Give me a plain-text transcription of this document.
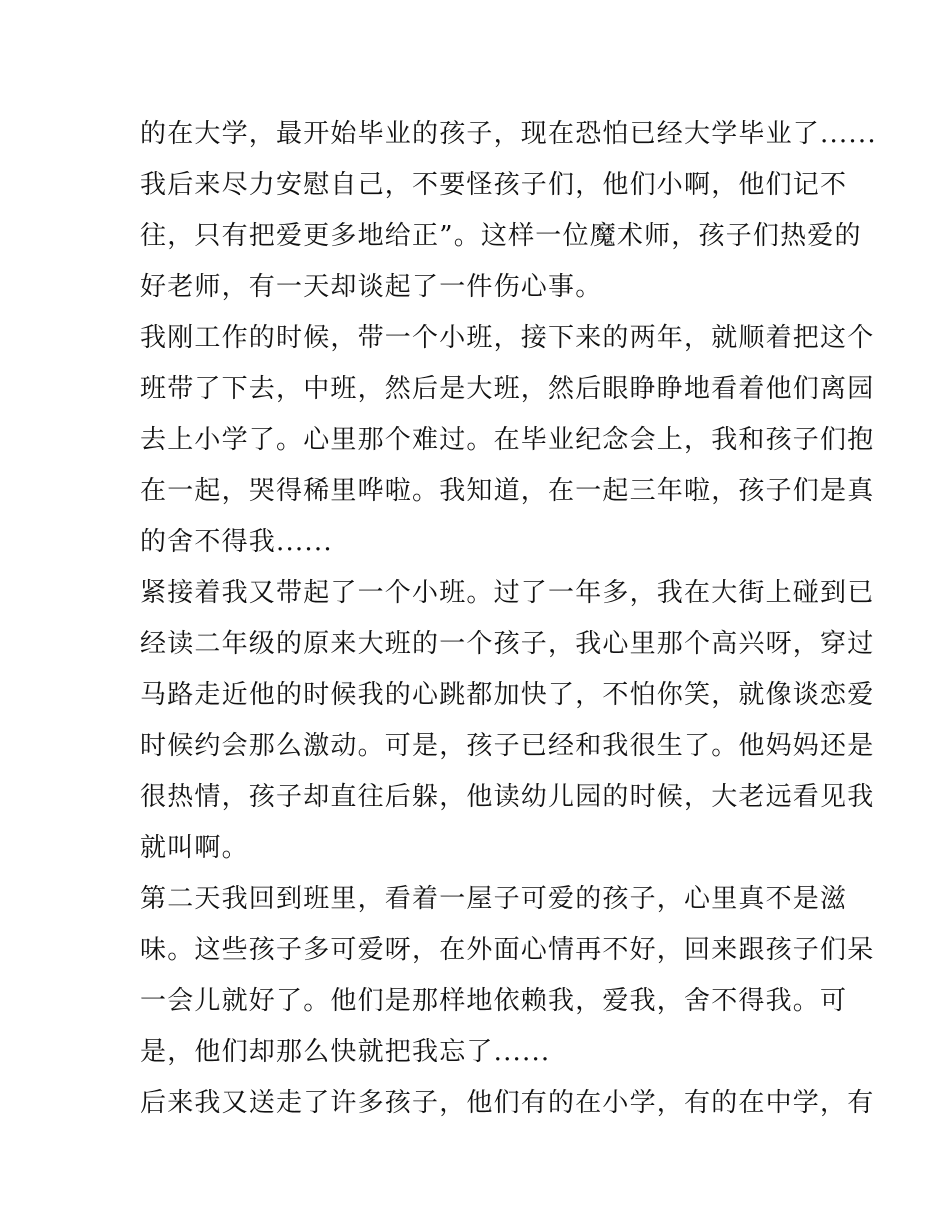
的在大学，最开始毕业的孩子，现在恐怕已经大学毕业了......
我后来尽力安慰自己，不要怪孩子们，他们小啊，他们记不
往，只有把爱更多地给正”。这样一位魔术师，孩子们热爱的
好老师，有一天却谈起了一件伤心事。
我刚工作的时候，带一个小班，接下来的两年，就顺着把这个
班带了下去，中班，然后是大班，然后眼睁睁地看着他们离园
去上小学了。心里那个难过。在毕业纪念会上，我和孩子们抱
在一起，哭得稀里哗啦。我知道，在一起三年啦，孩子们是真
的舍不得我......
紧接着我又带起了一个小班。过了一年多，我在大街上碰到已
经读二年级的原来大班的一个孩子，我心里那个高兴呀，穿过
马路走近他的时候我的心跳都加快了，不怕你笑，就像谈恋爱
时候约会那么激动。可是，孩子已经和我很生了。他妈妈还是
很热情，孩子却直往后躲，他读幼儿园的时候，大老远看见我
就叫啊。
第二天我回到班里，看着一屋子可爱的孩子，心里真不是滋
味。这些孩子多可爱呀，在外面心情再不好，回来跟孩子们呆
一会儿就好了。他们是那样地依赖我，爱我，舍不得我。可
是，他们却那么快就把我忘了......
后来我又送走了许多孩子，他们有的在小学，有的在中学，有
